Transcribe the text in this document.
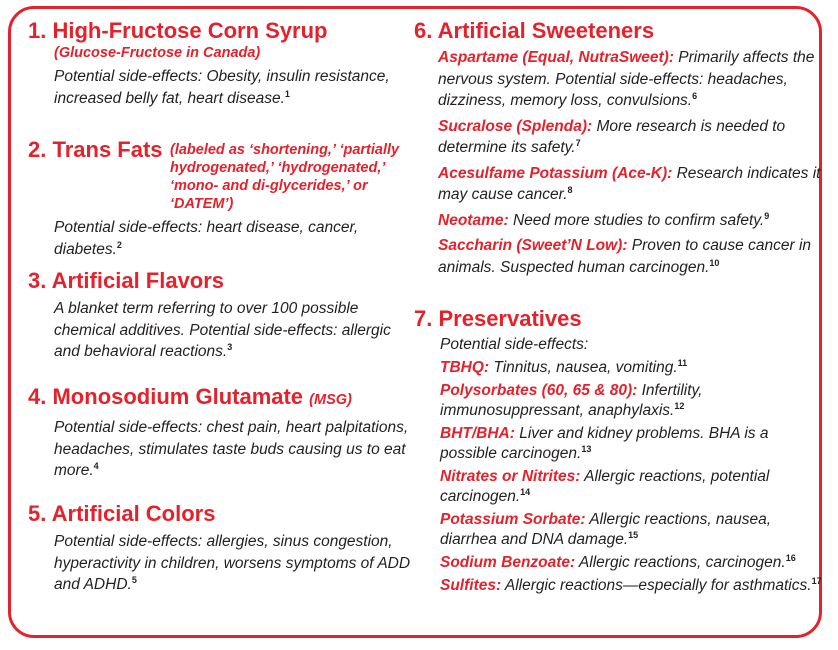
1. High-Fructose Corn Syrup
(Glucose-Fructose in Canada)
Potential side-effects: Obesity, insulin resistance, increased belly fat, heart disease.$^1$
2. Trans Fats (labeled as ‘shortening,’ ‘partially hydrogenated,’ ‘hydrogenated,’ ‘mono- and di-glycerides,’ or ‘DATEM’)
Potential side-effects: heart disease, cancer, diabetes.$^2$
3. Artificial Flavors
A blanket term referring to over 100 possible chemical additives. Potential side-effects: allergic and behavioral reactions.$^3$
4. Monosodium Glutamate (MSG)
Potential side-effects: chest pain, heart palpitations, headaches, stimulates taste buds causing us to eat more.$^4$
5. Artificial Colors
Potential side-effects: allergies, sinus congestion, hyperactivity in children, worsens symptoms of ADD and ADHD.$^5$
6. Artificial Sweeteners
Aspartame (Equal, NutraSweet): Primarily affects the nervous system. Potential side-effects: headaches, dizziness, memory loss, convulsions.$^6$
Sucralose (Splenda): More research is needed to determine its safety.$^7$
Acesulfame Potassium (Ace-K): Research indicates it may cause cancer.$^8$
Neotame: Need more studies to confirm safety.$^9$
Saccharin (Sweet’N Low): Proven to cause cancer in animals. Suspected human carcinogen.$^{10}$
7. Preservatives
Potential side-effects:
TBHQ: Tinnitus, nausea, vomiting.$^{11}$
Polysorbates (60, 65 & 80): Infertility, immunosuppressant, anaphylaxis.$^{12}$
BHT/BHA: Liver and kidney problems. BHA is a possible carcinogen.$^{13}$
Nitrates or Nitrites: Allergic reactions, potential carcinogen.$^{14}$
Potassium Sorbate: Allergic reactions, nausea, diarrhea and DNA damage.$^{15}$
Sodium Benzoate: Allergic reactions, carcinogen.$^{16}$
Sulfites: Allergic reactions—especially for asthmatics.$^{17}$
